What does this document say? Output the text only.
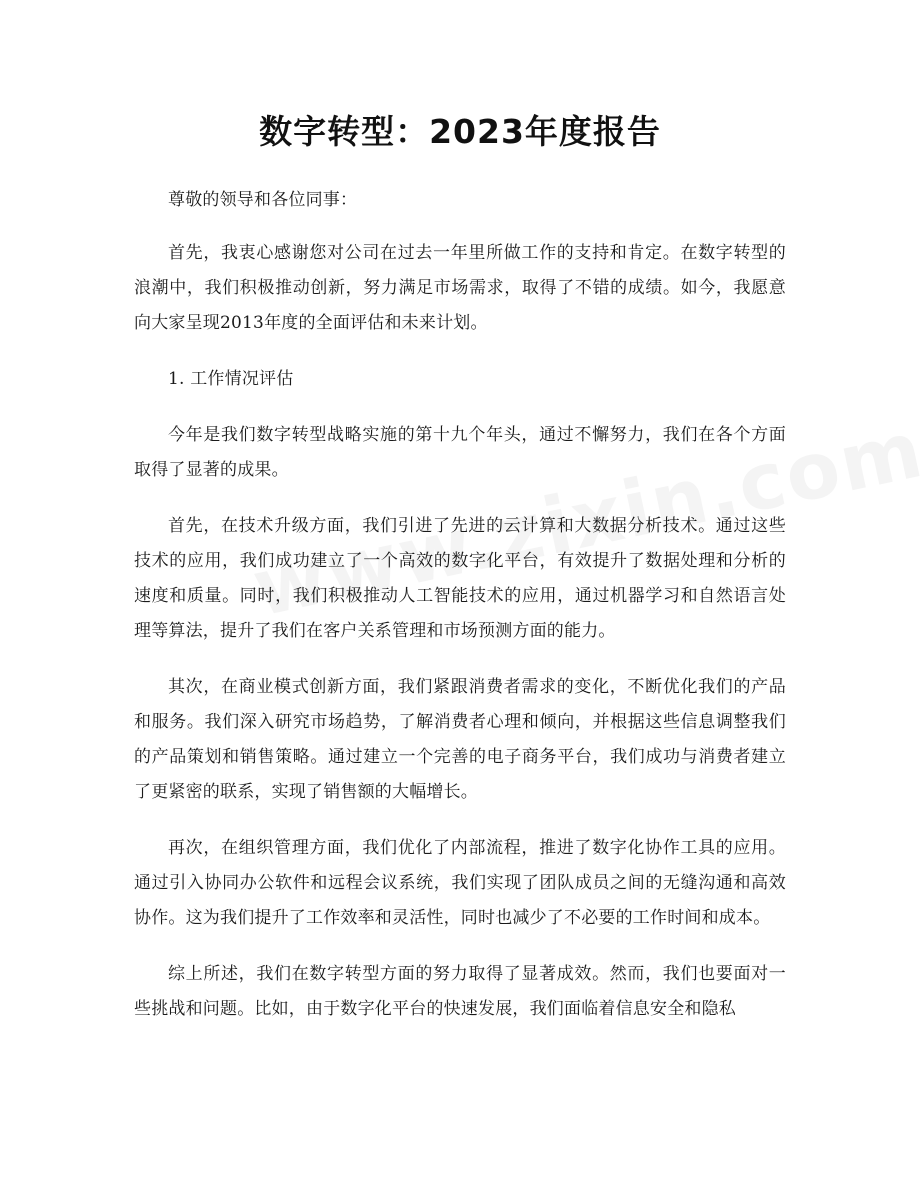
数字转型：2023年度报告

尊敬的领导和各位同事：

首先，我衷心感谢您对公司在过去一年里所做工作的支持和肯定。在数字转型的浪潮中，我们积极推动创新，努力满足市场需求，取得了不错的成绩。如今，我愿意向大家呈现2013年度的全面评估和未来计划。

1. 工作情况评估

今年是我们数字转型战略实施的第十九个年头，通过不懈努力，我们在各个方面取得了显著的成果。

首先，在技术升级方面，我们引进了先进的云计算和大数据分析技术。通过这些技术的应用，我们成功建立了一个高效的数字化平台，有效提升了数据处理和分析的速度和质量。同时，我们积极推动人工智能技术的应用，通过机器学习和自然语言处理等算法，提升了我们在客户关系管理和市场预测方面的能力。

其次，在商业模式创新方面，我们紧跟消费者需求的变化，不断优化我们的产品和服务。我们深入研究市场趋势，了解消费者心理和倾向，并根据这些信息调整我们的产品策划和销售策略。通过建立一个完善的电子商务平台，我们成功与消费者建立了更紧密的联系，实现了销售额的大幅增长。

再次，在组织管理方面，我们优化了内部流程，推进了数字化协作工具的应用。通过引入协同办公软件和远程会议系统，我们实现了团队成员之间的无缝沟通和高效协作。这为我们提升了工作效率和灵活性，同时也减少了不必要的工作时间和成本。

综上所述，我们在数字转型方面的努力取得了显著成效。然而，我们也要面对一些挑战和问题。比如，由于数字化平台的快速发展，我们面临着信息安全和隐私
